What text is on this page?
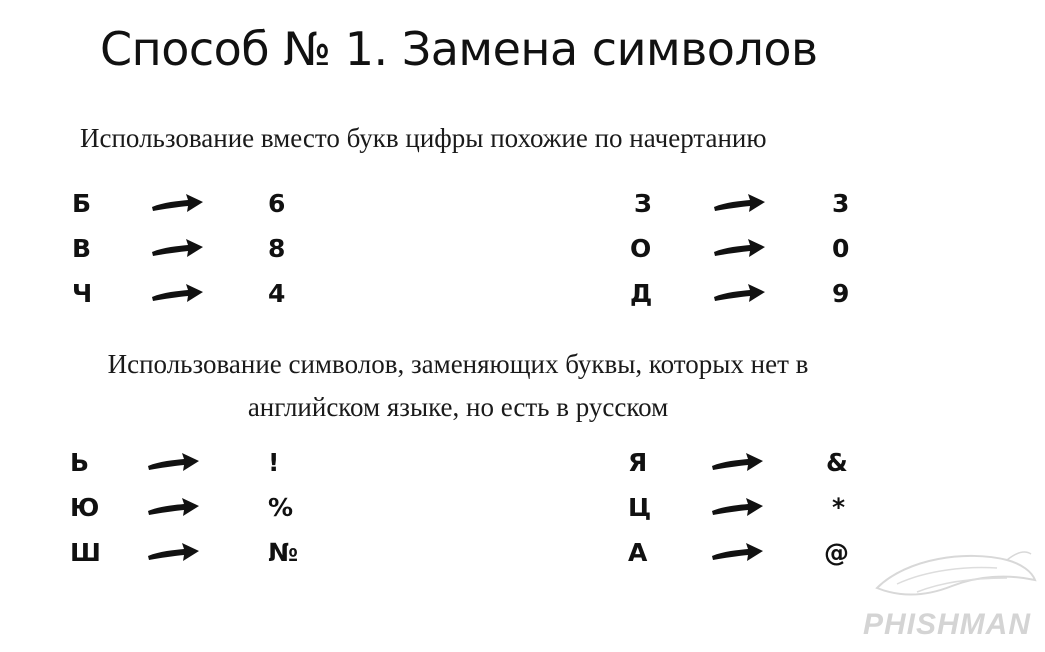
Способ № 1. Замена символов
Использование вместо букв цифры похожие по начертанию
Б	6
В	8
Ч	4
З	3
О	0
Д	9
Использование символов, заменяющих буквы, которых нет в
английском языке, но есть в русском
Ь	!
Ю	%
Ш	№
Я	&
Ц	*
А	@
PHISHMAN
